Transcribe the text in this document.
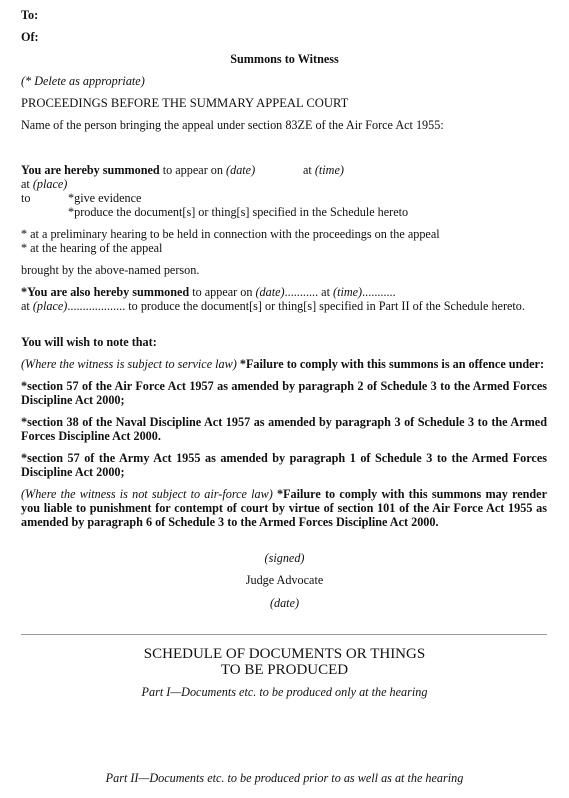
To:
Of:
Summons to Witness
(* Delete as appropriate)
PROCEEDINGS BEFORE THE SUMMARY APPEAL COURT
Name of the person bringing the appeal under section 83ZE of the Air Force Act 1955:
You are hereby summoned to appear on (date)	at (time)
at (place)
to	*give evidence
*produce the document[s] or thing[s] specified in the Schedule hereto
* at a preliminary hearing to be held in connection with the proceedings on the appeal
* at the hearing of the appeal
brought by the above-named person.
*You are also hereby summoned to appear on (date)........... at (time)...........
at (place)................... to produce the document[s] or thing[s] specified in Part II of the Schedule hereto.
You will wish to note that:
(Where the witness is subject to service law) *Failure to comply with this summons is an offence under:
*section 57 of the Air Force Act 1957 as amended by paragraph 2 of Schedule 3 to the Armed Forces Discipline Act 2000;
*section 38 of the Naval Discipline Act 1957 as amended by paragraph 3 of Schedule 3 to the Armed Forces Discipline Act 2000.
*section 57 of the Army Act 1955 as amended by paragraph 1 of Schedule 3 to the Armed Forces Discipline Act 2000;
(Where the witness is not subject to air-force law) *Failure to comply with this summons may render you liable to punishment for contempt of court by virtue of section 101 of the Air Force Act 1955 as amended by paragraph 6 of Schedule 3 to the Armed Forces Discipline Act 2000.
(signed)
Judge Advocate
(date)
SCHEDULE OF DOCUMENTS OR THINGS
TO BE PRODUCED
Part I—Documents etc. to be produced only at the hearing
Part II—Documents etc. to be produced prior to as well as at the hearing
